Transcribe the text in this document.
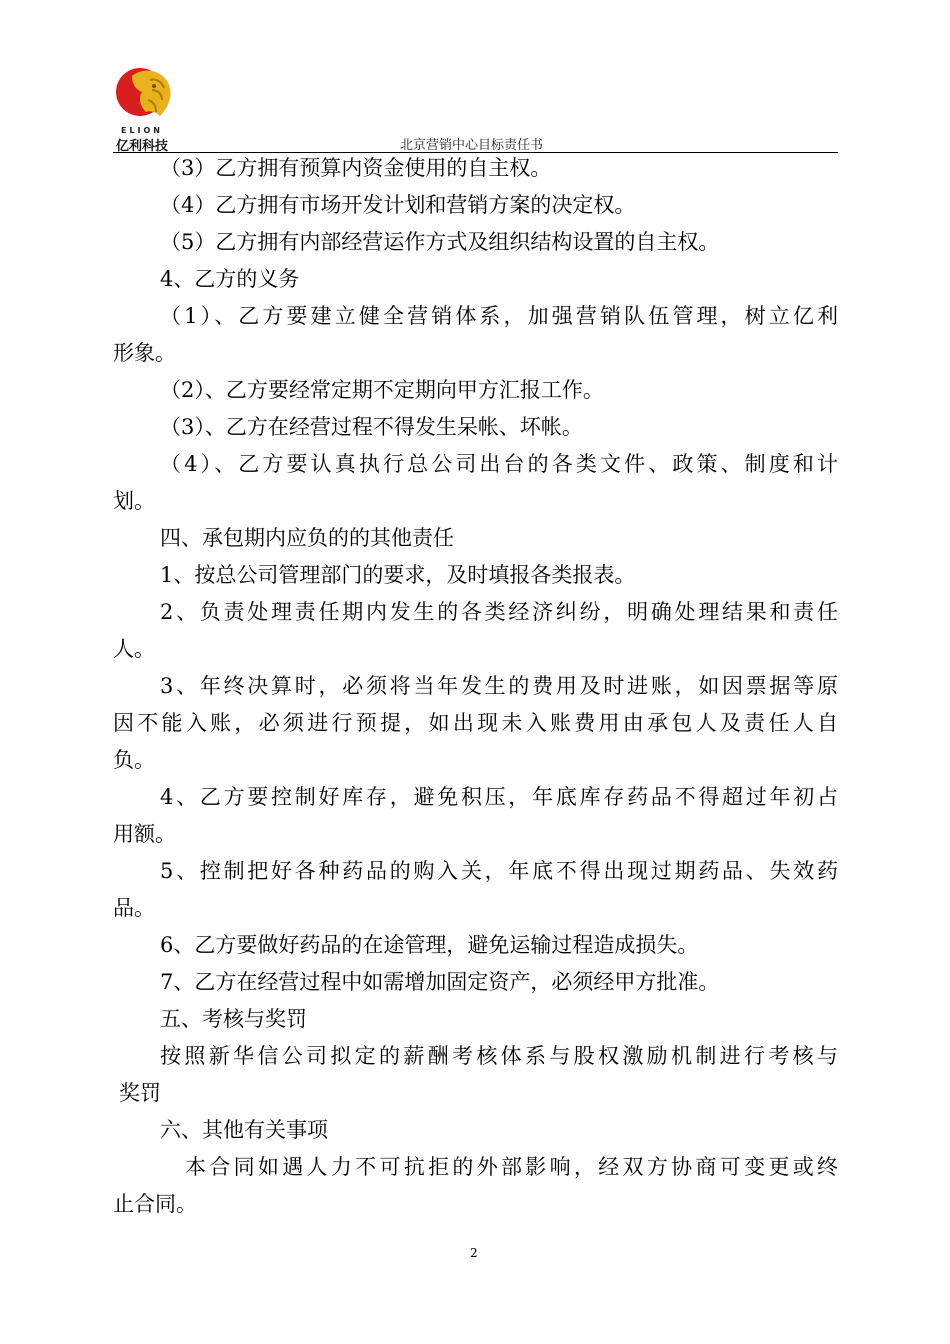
ELION
亿利科技	北京营销中心目标责任书
（3）乙方拥有预算内资金使用的自主权。
（4）乙方拥有市场开发计划和营销方案的决定权。
（5）乙方拥有内部经营运作方式及组织结构设置的自主权。
4、乙方的义务
（1）、乙方要建立健全营销体系，加强营销队伍管理，树立亿利
形象。
（2）、乙方要经常定期不定期向甲方汇报工作。
（3）、乙方在经营过程不得发生呆帐、坏帐。
（4）、乙方要认真执行总公司出台的各类文件、政策、制度和计
划。
四、承包期内应负的的其他责任
1、按总公司管理部门的要求，及时填报各类报表。
2、负责处理责任期内发生的各类经济纠纷，明确处理结果和责任
人。
3、年终决算时，必须将当年发生的费用及时进账，如因票据等原
因不能入账，必须进行预提，如出现未入账费用由承包人及责任人自
负。
4、乙方要控制好库存，避免积压，年底库存药品不得超过年初占
用额。
5、控制把好各种药品的购入关，年底不得出现过期药品、失效药
品。
6、乙方要做好药品的在途管理，避免运输过程造成损失。
7、乙方在经营过程中如需增加固定资产，必须经甲方批准。
五、考核与奖罚
按照新华信公司拟定的薪酬考核体系与股权激励机制进行考核与
奖罚
六、其他有关事项
本合同如遇人力不可抗拒的外部影响，经双方协商可变更或终
止合同。
2
